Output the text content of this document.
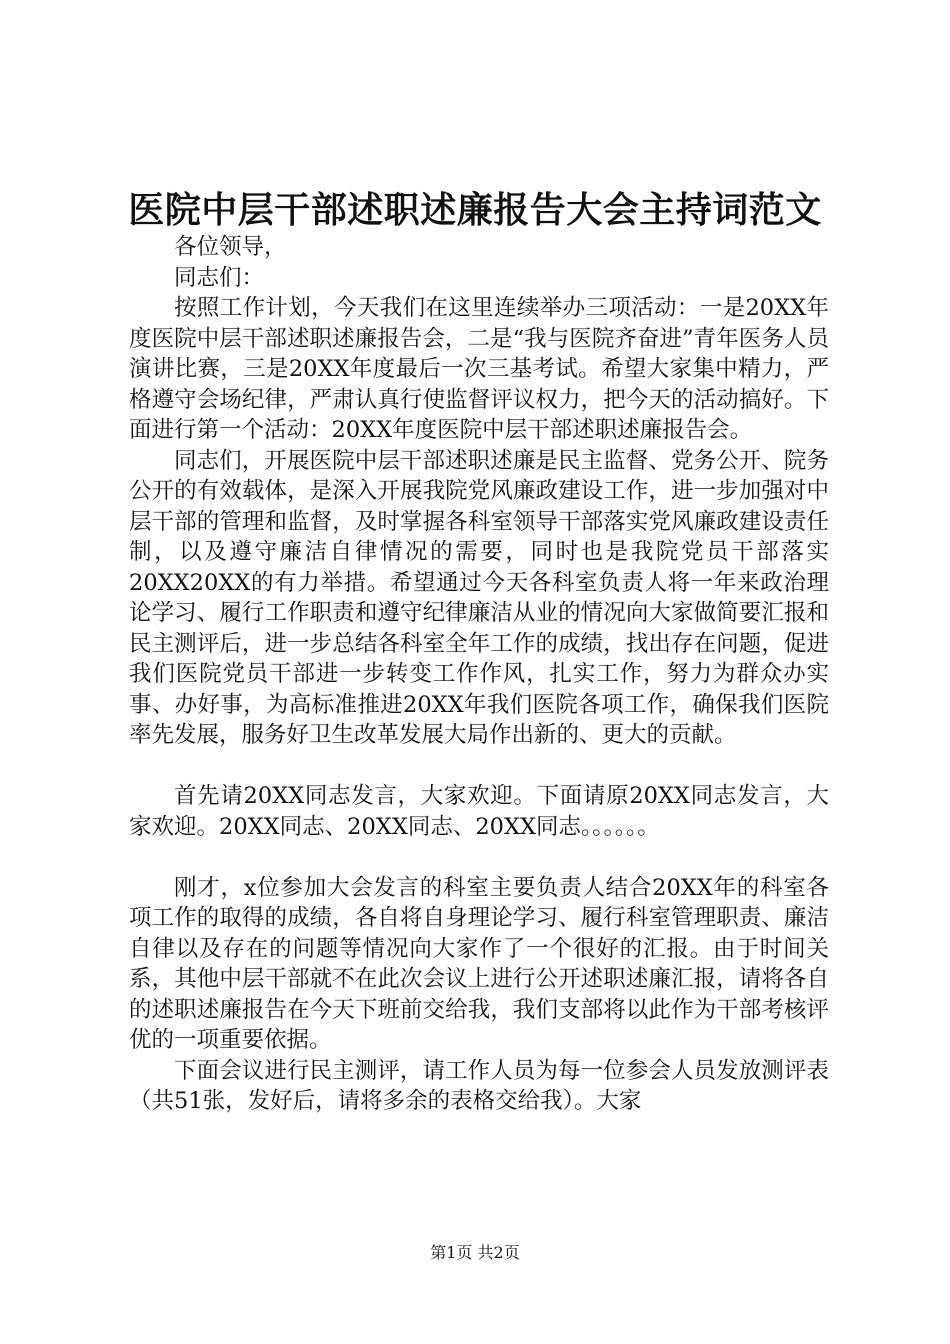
医院中层干部述职述廉报告大会主持词范文

各位领导，

同志们：

按照工作计划，今天我们在这里连续举办三项活动：一是20XX年度医院中层干部述职述廉报告会，二是“我与医院齐奋进”青年医务人员演讲比赛，三是20XX年度最后一次三基考试。希望大家集中精力，严格遵守会场纪律，严肃认真行使监督评议权力，把今天的活动搞好。下面进行第一个活动：20XX年度医院中层干部述职述廉报告会。

同志们，开展医院中层干部述职述廉是民主监督、党务公开、院务公开的有效载体，是深入开展我院党风廉政建设工作，进一步加强对中层干部的管理和监督，及时掌握各科室领导干部落实党风廉政建设责任制，以及遵守廉洁自律情况的需要，同时也是我院党员干部落实20XX20XX的有力举措。希望通过今天各科室负责人将一年来政治理论学习、履行工作职责和遵守纪律廉洁从业的情况向大家做简要汇报和民主测评后，进一步总结各科室全年工作的成绩，找出存在问题，促进我们医院党员干部进一步转变工作作风，扎实工作，努力为群众办实事、办好事，为高标准推进20XX年我们医院各项工作，确保我们医院率先发展，服务好卫生改革发展大局作出新的、更大的贡献。

首先请20XX同志发言，大家欢迎。下面请原20XX同志发言，大家欢迎。20XX同志、20XX同志、20XX同志。。。。。。

刚才，x位参加大会发言的科室主要负责人结合20XX年的科室各项工作的取得的成绩，各自将自身理论学习、履行科室管理职责、廉洁自律以及存在的问题等情况向大家作了一个很好的汇报。由于时间关系，其他中层干部就不在此次会议上进行公开述职述廉汇报，请将各自的述职述廉报告在今天下班前交给我，我们支部将以此作为干部考核评优的一项重要依据。

下面会议进行民主测评，请工作人员为每一位参会人员发放测评表（共51张，发好后，请将多余的表格交给我）。大家

第1页 共2页
